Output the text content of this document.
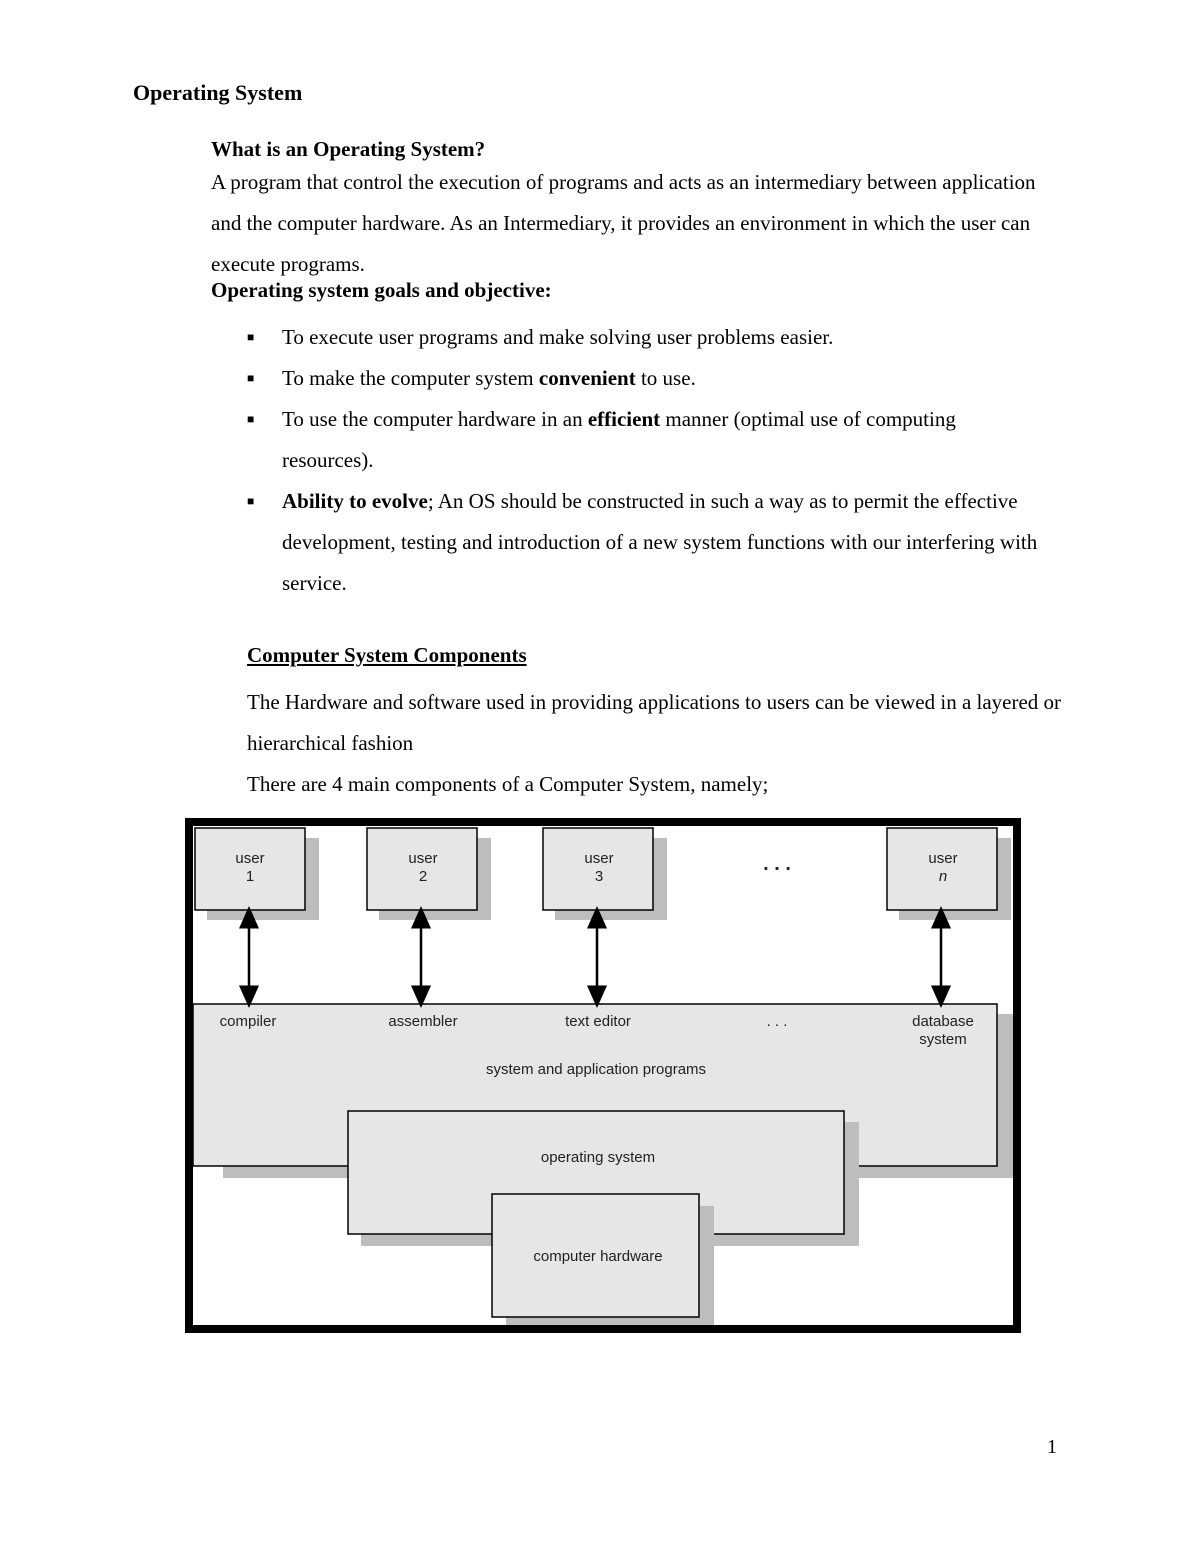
Operating System
What is an Operating System?
A program that control the execution of programs and acts as an intermediary between application and the computer hardware. As an Intermediary, it provides an environment in which the user can execute programs.
Operating system goals and objective:
■ To execute user programs and make solving user problems easier.
■ To make the computer system convenient to use.
■ To use the computer hardware in an efficient manner (optimal use of computing resources).
■ Ability to evolve; An OS should be constructed in such a way as to permit the effective development, testing and introduction of a new system functions with our interfering with service.
Computer System Components
The Hardware and software used in providing applications to users can be viewed in a layered or hierarchical fashion
There are 4 main components of a Computer System, namely;
user
1
user
2
user
3
. . .	user
n
compiler	assembler	text editor	. . .	database
system
system and application programs
operating system
computer hardware
1
